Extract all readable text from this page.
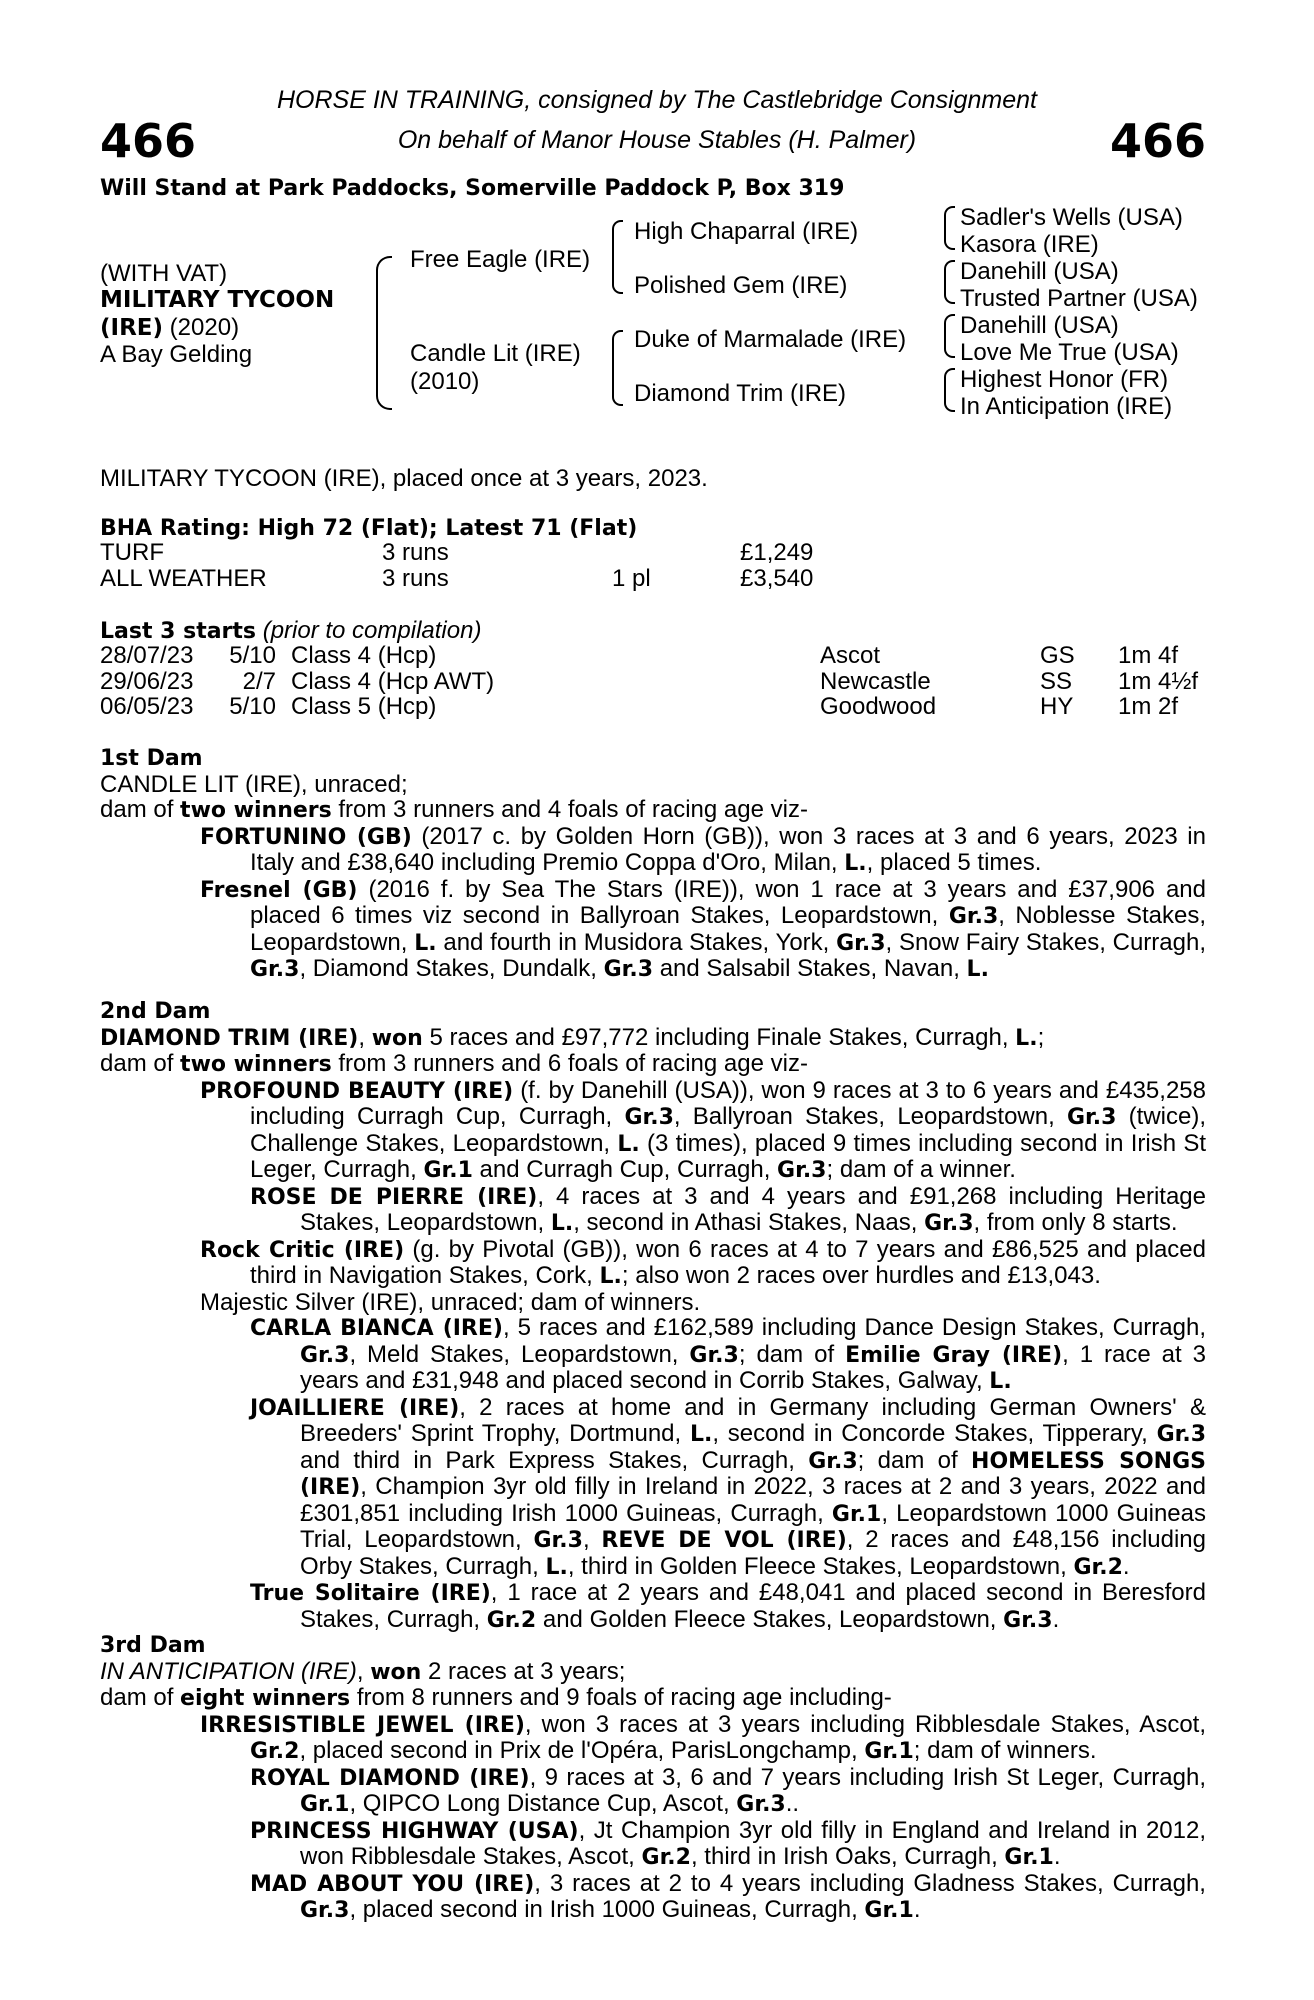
466	466
HORSE IN TRAINING, consigned by The Castlebridge Consignment
On behalf of Manor House Stables (H. Palmer)
Will Stand at Park Paddocks, Somerville Paddock P, Box 319
(WITH VAT)
MILITARY TYCOON
(IRE) (2020)
A Bay Gelding
Free Eagle (IRE)
Candle Lit (IRE)
(2010)
High Chaparral (IRE)
Polished Gem (IRE)
Duke of Marmalade (IRE)
Diamond Trim (IRE)
Sadler's Wells (USA)
Kasora (IRE)
Danehill (USA)
Trusted Partner (USA)
Danehill (USA)
Love Me True (USA)
Highest Honor (FR)
In Anticipation (IRE)
MILITARY TYCOON (IRE), placed once at 3 years, 2023.
BHA Rating: High 72 (Flat); Latest 71 (Flat)
TURF	3 runs	£1,249
ALL WEATHER	3 runs	1 pl	£3,540
Last 3 starts (prior to compilation)
28/07/23 5/10 Class 4 (Hcp)	Ascot	GS 1m 4f
29/06/23 2/7 Class 4 (Hcp AWT)	Newcastle	SS 1m 4½f
06/05/23 5/10 Class 5 (Hcp)	Goodwood	HY 1m 2f
1st Dam
CANDLE LIT (IRE), unraced;
dam of two winners from 3 runners and 4 foals of racing age viz-

FORTUNINO (GB) (2017 c. by Golden Horn (GB)), won 3 races at 3 and 6 years, 2023 in Italy and £38,640 including Premio Coppa d'Oro, Milan, L., placed 5 times.

Fresnel (GB) (2016 f. by Sea The Stars (IRE)), won 1 race at 3 years and £37,906 and placed 6 times viz second in Ballyroan Stakes, Leopardstown, Gr.3, Noblesse Stakes, Leopardstown, L. and fourth in Musidora Stakes, York, Gr.3, Snow Fairy Stakes, Curragh, Gr.3, Diamond Stakes, Dundalk, Gr.3 and Salsabil Stakes, Navan, L.

2nd Dam
DIAMOND TRIM (IRE), won 5 races and £97,772 including Finale Stakes, Curragh, L.;
dam of two winners from 3 runners and 6 foals of racing age viz-

PROFOUND BEAUTY (IRE) (f. by Danehill (USA)), won 9 races at 3 to 6 years and £435,258 including Curragh Cup, Curragh, Gr.3, Ballyroan Stakes, Leopardstown, Gr.3 (twice), Challenge Stakes, Leopardstown, L. (3 times), placed 9 times including second in Irish St Leger, Curragh, Gr.1 and Curragh Cup, Curragh, Gr.3; dam of a winner.

ROSE DE PIERRE (IRE), 4 races at 3 and 4 years and £91,268 including Heritage Stakes, Leopardstown, L., second in Athasi Stakes, Naas, Gr.3, from only 8 starts.

Rock Critic (IRE) (g. by Pivotal (GB)), won 6 races at 4 to 7 years and £86,525 and placed third in Navigation Stakes, Cork, L.; also won 2 races over hurdles and £13,043.

Majestic Silver (IRE), unraced; dam of winners.

CARLA BIANCA (IRE), 5 races and £162,589 including Dance Design Stakes, Curragh, Gr.3, Meld Stakes, Leopardstown, Gr.3; dam of Emilie Gray (IRE), 1 race at 3 years and £31,948 and placed second in Corrib Stakes, Galway, L.

JOAILLIERE (IRE), 2 races at home and in Germany including German Owners' & Breeders' Sprint Trophy, Dortmund, L., second in Concorde Stakes, Tipperary, Gr.3 and third in Park Express Stakes, Curragh, Gr.3; dam of HOMELESS SONGS (IRE), Champion 3yr old filly in Ireland in 2022, 3 races at 2 and 3 years, 2022 and £301,851 including Irish 1000 Guineas, Curragh, Gr.1, Leopardstown 1000 Guineas Trial, Leopardstown, Gr.3, REVE DE VOL (IRE), 2 races and £48,156 including Orby Stakes, Curragh, L., third in Golden Fleece Stakes, Leopardstown, Gr.2.

True Solitaire (IRE), 1 race at 2 years and £48,041 and placed second in Beresford Stakes, Curragh, Gr.2 and Golden Fleece Stakes, Leopardstown, Gr.3.

3rd Dam
IN ANTICIPATION (IRE), won 2 races at 3 years;
dam of eight winners from 8 runners and 9 foals of racing age including-

IRRESISTIBLE JEWEL (IRE), won 3 races at 3 years including Ribblesdale Stakes, Ascot, Gr.2, placed second in Prix de l'Opéra, ParisLongchamp, Gr.1; dam of winners.

ROYAL DIAMOND (IRE), 9 races at 3, 6 and 7 years including Irish St Leger, Curragh, Gr.1, QIPCO Long Distance Cup, Ascot, Gr.3..

PRINCESS HIGHWAY (USA), Jt Champion 3yr old filly in England and Ireland in 2012, won Ribblesdale Stakes, Ascot, Gr.2, third in Irish Oaks, Curragh, Gr.1.

MAD ABOUT YOU (IRE), 3 races at 2 to 4 years including Gladness Stakes, Curragh, Gr.3, placed second in Irish 1000 Guineas, Curragh, Gr.1.
